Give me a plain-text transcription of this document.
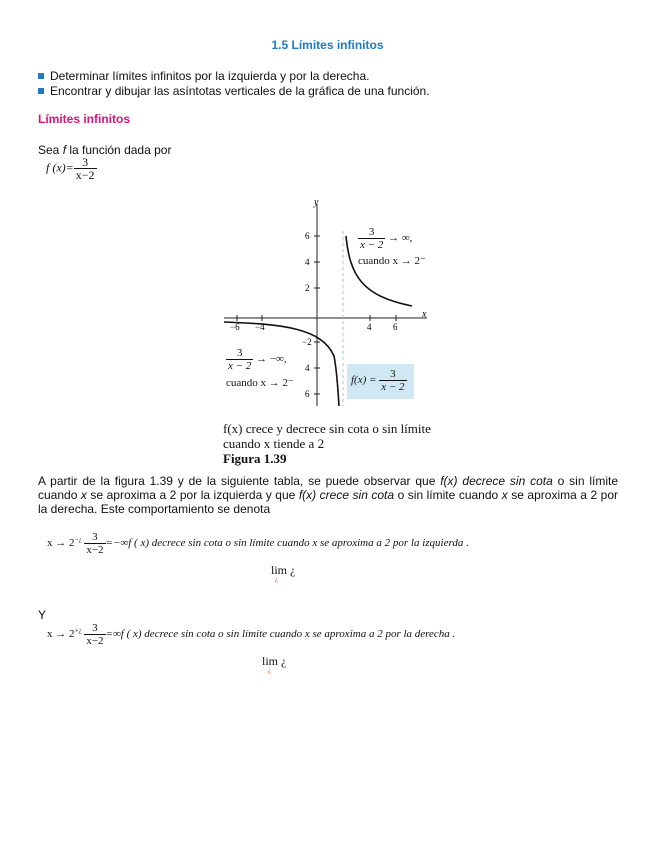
1.5 Límites infinitos
Determinar límites infinitos por la izquierda y por la derecha.
Encontrar y dibujar las asíntotas verticales de la gráfica de una función.
Límites infinitos
Sea f la función dada por
f $(x)= \frac{3}{x-2}$
x
y
−6 −4	4 6
6
4
2
−2
4
6
$\frac{3}{x - 2}$ → ∞,
cuando x → 2⁻
$\frac{3}{x - 2}$ → −∞,
cuando x → 2⁻	$f(x) = \frac{3}{x - 2}$
f(x) crece y decrece sin cota o sin límite
cuando x tiende a 2
Figura 1.39
A partir de la figura 1.39 y de la siguiente tabla, se puede observar que f(x) decrece sin cota o sin límite cuando x se aproxima a 2 por la izquierda y que f(x) crece sin cota o sin límite cuando x se aproxima a 2 por la derecha. Este comportamiento se denota
$x \to 2^{-¿} \frac{3}{x-2} =-\infty f$ ( x) decrece sin cota o sin límite cuando x se aproxima a 2 por la izquierda .
lim ¿
¿
Y
$x \to 2^{+¿} \frac{3}{x-2} =\infty f$ ( x) decrece sin cota o sin límite cuando x se aproxima a 2 por la derecha .
lim ¿
¿
